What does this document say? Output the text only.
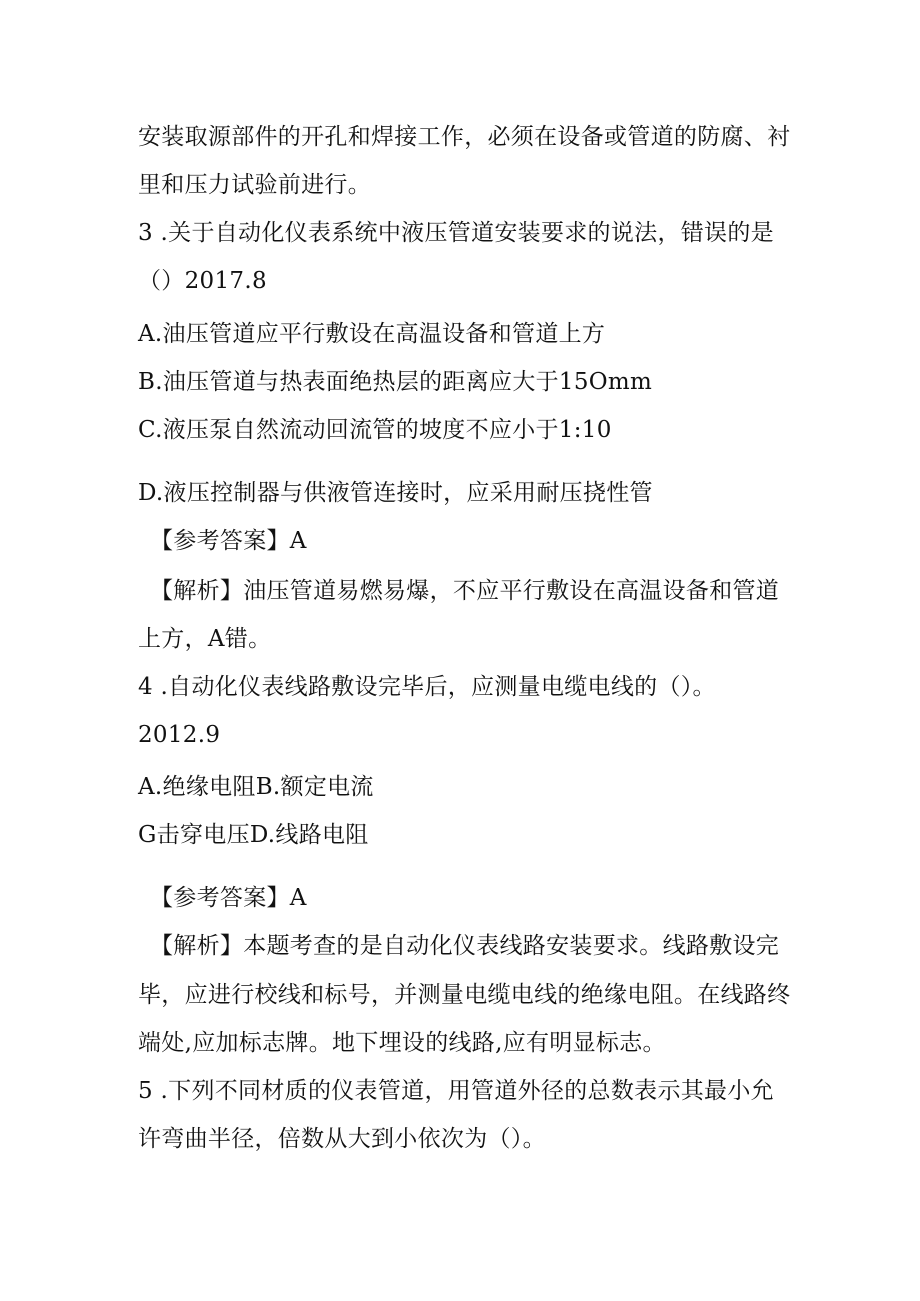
安装取源部件的开孔和焊接工作，必须在设备或管道的防腐、衬
里和压力试验前进行。
3 .关于自动化仪表系统中液压管道安装要求的说法，错误的是
（）2017.8
A.油压管道应平行敷设在高温设备和管道上方
B.油压管道与热表面绝热层的距离应大于15Omm
C.液压泵自然流动回流管的坡度不应小于1:10
D.液压控制器与供液管连接时，应采用耐压挠性管
【参考答案】A
【解析】油压管道易燃易爆，不应平行敷设在高温设备和管道
上方，A错。
4 .自动化仪表线路敷设完毕后，应测量电缆电线的（）。
2012.9
A.绝缘电阻B.额定电流
G击穿电压D.线路电阻
【参考答案】A
【解析】本题考查的是自动化仪表线路安装要求。线路敷设完
毕，应进行校线和标号，并测量电缆电线的绝缘电阻。在线路终
端处,应加标志牌。地下埋设的线路,应有明显标志。
5 .下列不同材质的仪表管道，用管道外径的总数表示其最小允
许弯曲半径，倍数从大到小依次为（）。
